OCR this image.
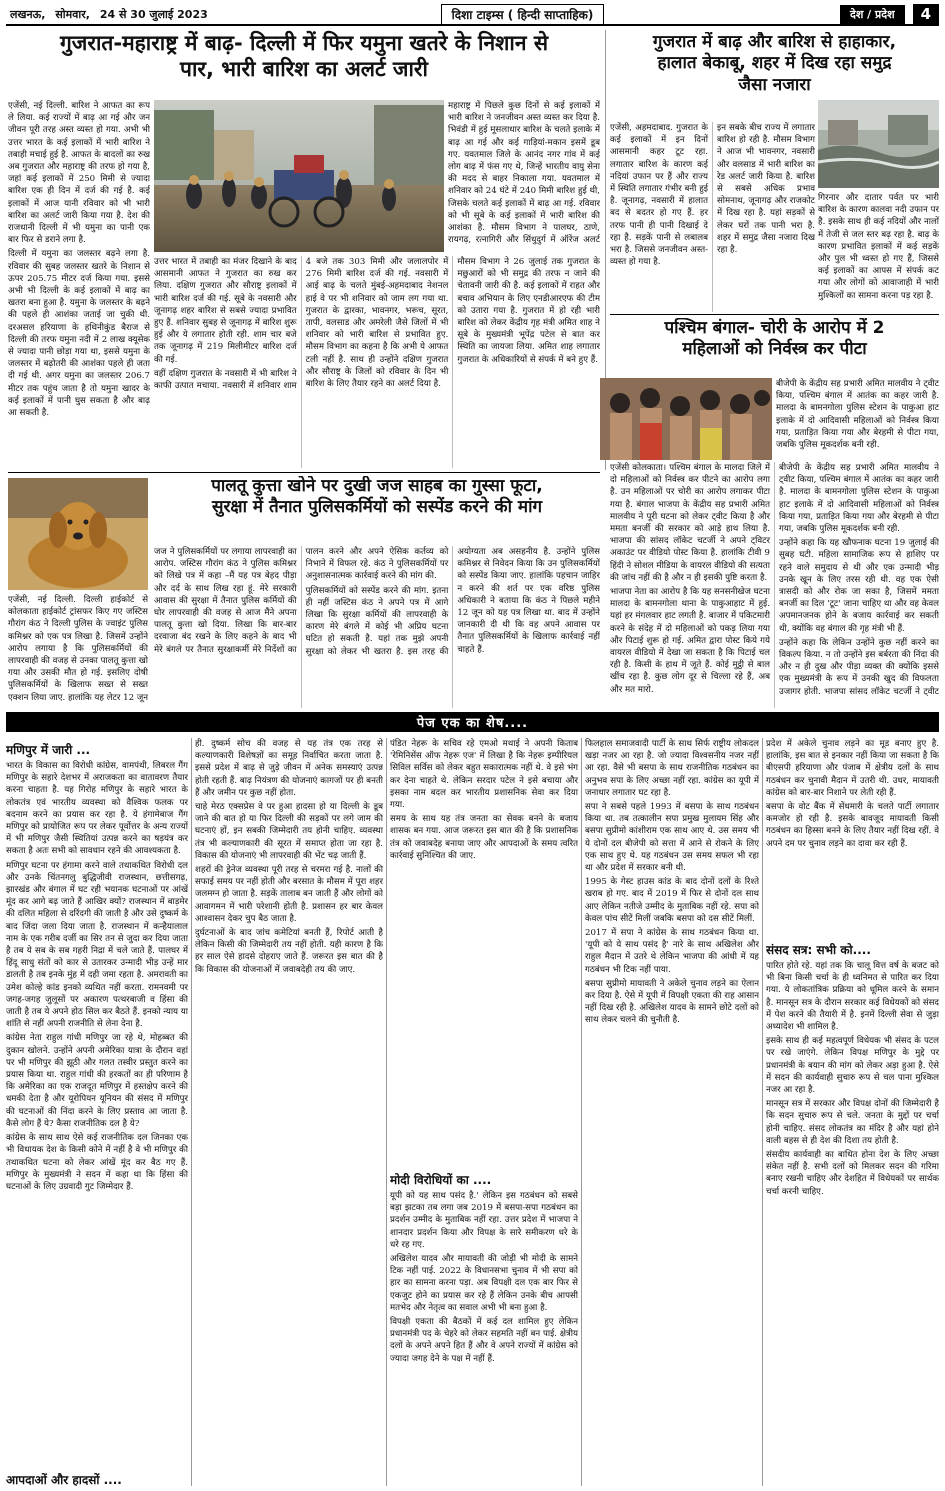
लखनऊ, सोमवार, 24 से 30 जुलाई 2023	दिशा टाइम्स ( हिन्दी साप्ताहिक)	देश / प्रदेश	4
गुजरात-महाराष्ट्र में बाढ़- दिल्ली में फिर यमुना खतरे के निशान से
पार, भारी बारिश का अलर्ट जारी

एजेंसी, नई दिल्ली. बारिश ने आफत का रूप ले लिया. कई राज्यों में बाढ़ आ गई और जन जीवन पूरी तरह अस्त व्यस्त हो गया. अभी भी उत्तर भारत के कई इलाकों में भारी बारिश ने तबाही मचाई हुई है. आफत के बादलों का रुख अब गुजरात और महाराष्ट्र की तरफ हो गया है, जहां कई इलाकों में 250 मिमी से ज्यादा बारिश एक ही दिन में दर्ज की गई है. कई इलाकों में आज यानी रविवार को भी भारी बारिश का अलर्ट जारी किया गया है. देश की राजधानी दिल्ली में भी यमुना का पानी एक बार फिर से डराने लगा है.

दिल्ली में यमुना का जलस्तर बढ़ने लगा है. रविवार की सुबह जलस्तर खतरे के निशान से ऊपर 205.75 मीटर दर्ज किया गया. इससे अभी भी दिल्ली के कई इलाकों में बाढ़ का खतरा बना हुआ है. यमुना के जलस्तर के बढ़ने की पहले ही आशंका जताई जा चुकी थी. दरअसल हरियाणा के हथिनीकुंड बैराज से दिल्ली की तरफ यमुना नदी में 2 लाख क्यूसेक से ज्यादा पानी छोड़ा गया था, इससे यमुना के जलस्तर में बढ़ोतरी की आशंका पहले ही जता दी गई थी. अगर यमुना का जलस्तर 206.7 मीटर तक पहुंच जाता है तो यमुना खादर के कई इलाकों में पानी घुस सकता है और बाढ़ आ सकती है.

उत्तर भारत में तबाही का मंजर दिखाने के बाद आसमानी आफत ने गुजरात का रुख कर लिया. दक्षिण गुजरात और सौराष्ट्र इलाकों में भारी बारिश दर्ज की गई. सूबे के नवसारी और जूनागढ़ शहर बारिश से सबसे ज्यादा प्रभावित हुए हैं. शनिवार सुबह से जूनागढ़ में बारिश शुरू हुई और ये लगातार होती रही. शाम चार बजे तक जूनागढ़ में 219 मिलीमीटर बारिश दर्ज की गई.

वहीं दक्षिण गुजरात के नवसारी में भी बारिश ने काफी उत्पात मचाया. नवसारी में शनिवार शाम 4 बजे तक 303 मिमी और जलालपोर में 276 मिमी बारिश दर्ज की गई. नवसारी में आई बाढ़ के चलते मुंबई-अहमदाबाद नेशनल हाई वे पर भी शनिवार को जाम लग गया था. गुजरात के द्वारका, भावनगर, भरूच, सूरत, तापी, वलसाड और अमरेली जैसे जिलों में भी शनिवार को भारी बारिश से प्रभावित हुए. मौसम विभाग का कहना है कि अभी ये आफत टली नहीं है. साथ ही उन्होंने दक्षिण गुजरात और सौराष्ट्र के जिलों को रविवार के दिन भी बारिश के लिए तैयार रहने का अलर्ट दिया है.

मौसम विभाग ने 26 जुलाई तक गुजरात के मछुआरों को भी समुद्र की तरफ न जाने की चेतावनी जारी की है. कई इलाकों में राहत और बचाव अभियान के लिए एनडीआरएफ की टीम को उतारा गया है. गुजरात में हो रही भारी बारिश को लेकर केंद्रीय गृह मंत्री अमित शाह ने सूबे के मुख्यमंत्री भूपेंद्र पटेल से बात कर स्थिति का जायजा लिया. अमित शाह लगातार गुजरात के अधिकारियों से संपर्क में बने हुए हैं.

महाराष्ट्र में पिछले कुछ दिनों से कई इलाकों में भारी बारिश ने जनजीवन अस्त व्यस्त कर दिया है. भिवंडी में हुई मूसलाधार बारिश के चलते इलाके में बाढ़ आ गई और कई गाड़ियां-मकान इसमें डूब गए. यवतमाल जिले के आनंद नगर गांव में कई लोग बाढ़ में फंस गए थे, जिन्हें भारतीय वायु सेना की मदद से बाहर निकाला गया. यवतमाल में शनिवार को 24 घंटे में 240 मिमी बारिश हुई थी, जिसके चलते कई इलाकों में बाढ़ आ गई. रविवार को भी सूबे के कई इलाकों में भारी बारिश की आशंका है. मौसम विभाग ने पालघर, ठाणे, रायगढ़, रत्नागिरी और सिंधुदुर्ग में ऑरेंज अलर्ट

गुजरात में बाढ़ और बारिश से हाहाकार,
हालात बेकाबू, शहर में दिख रहा समुद्र
जैसा नजारा

एजेंसी, अहमदाबाद. गुजरात के कई इलाकों में इन दिनों आसमानी कहर टूट रहा. लगातार बारिश के कारण कई नदियां उफान पर हैं और राज्य में स्थिति लगातार गंभीर बनी हुई है. जूनागढ़, नवसारी में हालात बद से बदतर हो गए हैं. हर तरफ पानी ही पानी दिखाई दे रहा है. सड़कें पानी से लबालब भरा है. जिससे जनजीवन अस्त-व्यस्त हो गया है.

इन सबके बीच राज्य में लगातार बारिश हो रही है. मौसम विभाग ने आज भी भावनगर, नवसारी और वलसाड में भारी बारिश का रेड अलर्ट जारी किया है. बारिश से सबसे अधिक प्रभाव सोमनाथ, जूनागढ़ और राजकोट में दिख रहा है. यहां सड़कों से लेकर घरों तक पानी भरा है. शहर में समुद्र जैसा नजारा दिख रहा है.

गिरनार और दातार पर्वत पर भारी बारिश के कारण कालवा नदी उफान पर है. इसके साथ ही कई नदियों और नालों में तेजी से जल स्तर बढ़ रहा है. बाढ़ के कारण प्रभावित इलाकों में कई सड़कें और पुल भी ध्वस्त हो गए हैं, जिससे कई इलाकों का आपस में संपर्क कट गया और लोगों को आवाजाही में भारी मुश्किलों का सामना करना पड़ रहा है.

पश्चिम बंगाल- चोरी के आरोप में 2
महिलाओं को निर्वस्त्र कर पीटा

एजेंसी कोलकाता। पश्चिम बंगाल के मालदा जिले में दो महिलाओं को निर्वस्त्र कर पीटने का आरोप लगा है. उन महिलाओं पर चोरी का आरोप लगाकर पीटा गया है. बंगाल भाजपा के केंद्रीय सह प्रभारी अमित मालवीय ने पूरी घटना को लेकर ट्वीट किया है और ममता बनर्जी की सरकार को आड़े हाथ लिया है. भाजपा की सांसद लॉकेट चटर्जी ने अपने ट्विटर अकाउंट पर वीडियो पोस्ट किया है. हालांकि टीवी 9 हिंदी ने सोशल मीडिया के वायरल वीडियो की सत्यता की जांच नहीं की है और न ही इसकी पुष्टि करता है.

भाजपा नेता का आरोप है कि यह सनसनीखेज घटना मालदा के बामनगोला थाना के पाकुआहाट में हुई. यहां हर मंगलवार हाट लगती है. बाजार में पकिटमारी करने के संदेह में दो महिलाओं को पकड़ लिया गया और पिटाई शुरू हो गई. अमित द्वारा पोस्ट किये गये वायरल वीडियो में देखा जा सकता है कि पिटाई चल रही है. किसी के हाथ में जूते हैं. कोई मुट्ठी से बाल खींच रहा है. कुछ लोग दूर से चिल्ला रहे हैं, अब और मत मारो.

बीजेपी के केंद्रीय सह प्रभारी अमित मालवीय ने ट्वीट किया, पश्चिम बंगाल में आतंक का कहर जारी है. मालदा के बामनगोला पुलिस स्टेशन के पाकुआ हाट इलाके में दो आदिवासी महिलाओं को निर्वस्त्र किया गया, प्रताड़ित किया गया और बेरहमी से पीटा गया, जबकि पुलिस मूकदर्शक बनी रही.

उन्होंने कहा कि यह खौफनाक घटना 19 जुलाई की सुबह घटी. महिला सामाजिक रूप से हाशिए पर रहने वाले समुदाय से थी और एक उन्मादी भीड़ उनके खून के लिए तरस रही थी. वह एक ऐसी त्रासदी को और रोक जा सका है, जिसमें ममता बनर्जी का दिल 'टूट' जाना चाहिए था और वह केवल अपमानजनक होने के बजाय कार्रवाई कर सकती थी, क्योंकि वह बंगाल की गृह मंत्री भी हैं.

उन्होंने कहा कि लेकिन उन्होंने कुछ नहीं करने का विकल्प किया. न तो उन्होंने इस बर्बरता की निंदा की और न ही दुख और पीड़ा व्यक्त की क्योंकि इससे एक मुख्यमंत्री के रूप में उनकी खुद की विफलता उजागर होती. भाजपा सांसद लॉकेट चटर्जी ने ट्वीट

बीजेपी के केंद्रीय सह प्रभारी अमित मालवीय ने ट्वीट किया, पश्चिम बंगाल में आतंक का कहर जारी है. मालदा के बामनगोला पुलिस स्टेशन के पाकुआ हाट इलाके में दो आदिवासी महिलाओं को निर्वस्त्र किया गया, प्रताड़ित किया गया और बेरहमी से पीटा गया, जबकि पुलिस मूकदर्शक बनी रही.

पालतू कुत्ता खोने पर दुखी जज साहब का गुस्सा फूटा,
सुरक्षा में तैनात पुलिसकर्मियों को सस्पेंड करने की मांग

एजेंसी, नई दिल्ली. दिल्ली हाईकोर्ट से कोलकाता हाईकोर्ट ट्रांसफर किए गए जस्टिस गौरांग कंठ ने दिल्ली पुलिस के ज्वाइंट पुलिस कमिश्नर को एक पत्र लिखा है. जिसमें उन्होंने आरोप लगाया है कि पुलिसकर्मियों की लापरवाही की वजह से उनका पालतू कुत्ता खो गया और उसकी मौत हो गई. इसलिए दोषी पुलिसकर्मियों के खिलाफ सख्त से सख्त एक्शन लिया जाए. हालांकि यह लेटर 12 जून

जज ने पुलिसकर्मियों पर लगाया लापरवाही का आरोप. जस्टिस गौरांग कंठ ने पुलिस कमिश्नर को लिखे पत्र में कहा –मैं यह पत्र बेहद पीड़ा और दर्द के साथ लिख रहा हूं. मेरे सरकारी आवास की सुरक्षा में तैनात पुलिस कर्मियों की घोर लापरवाही की वजह से आज मैंने अपना पालतू कुत्ता खो दिया. लिखा कि बार-बार दरवाजा बंद रखने के लिए कहने के बाद भी मेरे बंगले पर तैनात सुरक्षाकर्मी मेरे निर्देशों का पालन करने और अपने ऐसिक कर्तव्य को निभाने में विफल रहे. कंठ ने पुलिसकर्मियों पर अनुशासनात्मक कार्रवाई करने की मांग की.

पुलिसकर्मियों को सस्पेंड करने की मांग. इतना ही नहीं जस्टिस कंठ ने अपने पत्र में आगे लिखा कि सुरक्षा कर्मियों की लापरवाही के कारण मेरे बंगले में कोई भी अप्रिय घटना घटित हो सकती है. यहां तक मुझे अपनी सुरक्षा को लेकर भी खतरा है. इस तरह की अयोग्यता अब असहनीय है. उन्होंने पुलिस कमिश्नर से निवेदन किया कि उन पुलिसकर्मियों को सस्पेंड किया जाए. हालांकि पहचान जाहिर न करने की शर्त पर एक वरिष्ठ पुलिस अधिकारी ने बताया कि कंठ ने पिछले महीने 12 जून को यह पत्र लिखा था. बाद में उन्होंने जानकारी दी थी कि वह अपने आवास पर तैनात पुलिसकर्मियों के खिलाफ कार्रवाई नहीं चाहते हैं.

पेज एक का शेष....
मणिपुर में जारी ...

भारत के विकास का विरोधी कांग्रेस, वामपंथी, लिबरल गैंग मणिपुर के सहारे देशभर में अराजकता का वातावरण तैयार करना चाहता है. यह गिरोह मणिपुर के सहारे भारत के लोकतंत्र एवं भारतीय व्यवस्था को वैश्विक फलक पर बदनाम करने का प्रयास कर रहा है. ये हंगामेबाज गैंग मणिपुर को प्रायोजित रूप पर लेकर पूर्वोत्तर के अन्य राज्यों में भी मणिपुर जैसी स्थितियां उत्पन्न करने का षड़यंत्र कर सकता है अतः सभी को सावधान रहने की आवश्यकता है.

मणिपुर घटना पर हंगामा करने वाले तथाकथित विरोधी दल और उनके चिंतनगलु बुद्धिजीवी राजस्थान, छत्तीसगढ़, झारखंड और बंगाल में घट रही भयानक घटनाओं पर आंखें मूंद कर आगे बढ़ जाते हैं आखिर क्यों? राजस्थान में बाड़मेर की दलित महिला से दरिंदगी की जाती है और उसे दुष्कर्म के बाद जिंदा जला दिया जाता है. राजस्थान में कन्हैयालाल नाम के एक गरीब दर्जी का सिर तन से जुदा कर दिया जाता है तब ये सब के सब गहरी निद्रा में चले जाते हैं. पालघर में हिंदू साधु संतों को कार से उतारकर उन्मादी भीड़ उन्हें मार डालती है तब इनके मुंह में दही जमा रहता है. अमरावती का उमेश कोल्हे कांड इनको व्यथित नहीं करता. रामनवमी पर जगह-जगह जुलूसों पर अकारण पत्थरबाजी व हिंसा की जाती है तब ये अपने होठ सिल कर बैठते हैं. इनको न्याय या शांति से नहीं अपनी राजनीति से लेना देना है.

कांग्रेस नेता राहुल गांधी मणिपुर जा रहे थे, मोहब्बत की दुकान खोलने. उन्होंने अपनी अमेरिका यात्रा के दौरान वहां पर भी मणिपुर की झूठी और गलत तस्वीर प्रस्तुत करने का प्रयास किया था. राहुल गांधी की हरकतों का ही परिणाम है कि अमेरिका का एक राजदूत मणिपुर में हस्तक्षेप करने की धमकी देता है और यूरोपियन यूनियन की संसद में मणिपुर की घटनाओं की निंदा करने के लिए प्रस्ताव आ जाता है. कैसे लोग हैं ये? कैसा राजनीतिक दल है ये?

कांग्रेस के साथ साथ ऐसे कई राजनीतिक दल जिनका एक भी विधायक देश के किसी कोने में नहीं है वे भी मणिपुर की तथाकथित घटना को लेकर आंखें मूंद कर बैठ गए हैं. मणिपुर के मुख्यमंत्री ने सदन में कहा था कि हिंसा की घटनाओं के लिए उग्रवादी गुट जिम्मेदार हैं.

आपदाओं और हादसों ....

ही. दुष्कर्म सोच की वजह से यह तंत्र एक तरह से कल्याणकारी विशेषज्ञों का समूह निर्वाचित करता जाता है. इससे प्रदेश में बाढ़ से जुड़े जीवन में अनेक समस्याएं उत्पन्न होती रहती हैं. बाढ़ नियंत्रण की योजनाएं कागजों पर ही बनती हैं और जमीन पर कुछ नहीं होता.

चाहे मेरठ एक्सप्रेस वे पर हुआ हादसा हो या दिल्ली के डूब जाने की बात हो या फिर दिल्ली की सड़कों पर लगे जाम की घटनाएं हों, इन सबकी जिम्मेदारी तय होनी चाहिए. व्यवस्था तंत्र भी कल्याणकारी की सूरत में समाप्त होता जा रहा है. विकास की योजनाएं भी लापरवाही की भेंट चढ़ जाती हैं.

शहरों की ड्रेनेज व्यवस्था पूरी तरह से चरमरा गई है. नालों की सफाई समय पर नहीं होती और बरसात के मौसम में पूरा शहर जलमग्न हो जाता है. सड़कें तालाब बन जाती हैं और लोगों को आवागमन में भारी परेशानी होती है. प्रशासन हर बार केवल आश्वासन देकर चुप बैठ जाता है.

दुर्घटनाओं के बाद जांच कमेटियां बनती हैं, रिपोर्ट आती है लेकिन किसी की जिम्मेदारी तय नहीं होती. यही कारण है कि हर साल ऐसे हादसे दोहराए जाते हैं. जरूरत इस बात की है कि विकास की योजनाओं में जवाबदेही तय की जाए.

पंडित नेहरू के सचिव रहे एमओ मथाई ने अपनी किताब 'रेमिनिसेंस ऑफ नेहरू एज' में लिखा है कि नेहरू इम्पीरियल सिविल सर्विस को लेकर बहुत सकारात्मक नहीं थे. वे इसे भंग कर देना चाहते थे. लेकिन सरदार पटेल ने इसे बचाया और इसका नाम बदल कर भारतीय प्रशासनिक सेवा कर दिया गया.

समय के साथ यह तंत्र जनता का सेवक बनने के बजाय शासक बन गया. आज जरूरत इस बात की है कि प्रशासनिक तंत्र को जवाबदेह बनाया जाए और आपदाओं के समय त्वरित कार्रवाई सुनिश्चित की जाए.

मोदी विरोधियों का ....

यूपी को यह साथ पसंद है.' लेकिन इस गठबंधन को सबसे बड़ा झटका तब लगा जब 2019 में बसपा-सपा गठबंधन का प्रदर्शन उम्मीद के मुताबिक नहीं रहा. उत्तर प्रदेश में भाजपा ने शानदार प्रदर्शन किया और विपक्ष के सारे समीकरण धरे के धरे रह गए.

अखिलेश यादव और मायावती की जोड़ी भी मोदी के सामने टिक नहीं पाई. 2022 के विधानसभा चुनाव में भी सपा को हार का सामना करना पड़ा. अब विपक्षी दल एक बार फिर से एकजुट होने का प्रयास कर रहे हैं लेकिन उनके बीच आपसी मतभेद और नेतृत्व का सवाल अभी भी बना हुआ है.

विपक्षी एकता की बैठकों में कई दल शामिल हुए लेकिन प्रधानमंत्री पद के चेहरे को लेकर सहमति नहीं बन पाई. क्षेत्रीय दलों के अपने अपने हित हैं और वे अपने राज्यों में कांग्रेस को ज्यादा जगह देने के पक्ष में नहीं हैं.

फिलहाल समाजवादी पार्टी के साथ सिर्फ राष्ट्रीय लोकदल खड़ा नजर आ रहा है. जो ज्यादा विश्वसनीय नजर नहीं आ रहा. वैसे भी बसपा के साथ राजनीतिक गठबंधन का अनुभव सपा के लिए अच्छा नहीं रहा. कांग्रेस का यूपी में जनाधार लगातार घट रहा है.

सपा ने सबसे पहले 1993 में बसपा के साथ गठबंधन किया था. तब तत्कालीन सपा प्रमुख मुलायम सिंह और बसपा सुप्रीमो कांशीराम एक साथ आए थे. उस समय भी ये दोनों दल बीजेपी को सत्ता में आने से रोकने के लिए एक साथ हुए थे. यह गठबंधन उस समय सफल भी रहा था और प्रदेश में सरकार बनी थी.

1995 के गेस्ट हाउस कांड के बाद दोनों दलों के रिश्ते खराब हो गए. बाद में 2019 में फिर से दोनों दल साथ आए लेकिन नतीजे उम्मीद के मुताबिक नहीं रहे. सपा को केवल पांच सीटें मिलीं जबकि बसपा को दस सीटें मिलीं.

2017 में सपा ने कांग्रेस के साथ गठबंधन किया था. 'यूपी को ये साथ पसंद है' नारे के साथ अखिलेश और राहुल मैदान में उतरे थे लेकिन भाजपा की आंधी में यह गठबंधन भी टिक नहीं पाया.

बसपा सुप्रीमो मायावती ने अकेले चुनाव लड़ने का ऐलान कर दिया है. ऐसे में यूपी में विपक्षी एकता की राह आसान नहीं दिख रही है. अखिलेश यादव के सामने छोटे दलों को साथ लेकर चलने की चुनौती है.

प्रदेश में अकेले चुनाव लड़ने का मूड बनाए हुए है. हालांकि, इस बात से इनकार नहीं किया जा सकता है कि बीएसपी हरियाणा और पंजाब में क्षेत्रीय दलों के साथ गठबंधन कर चुनावी मैदान में उतरी थी. उधर, मायावती कांग्रेस को बार-बार निशाने पर लेती रही हैं.

बसपा के वोट बैंक में सेंधमारी के चलते पार्टी लगातार कमजोर हो रही है. इसके बावजूद मायावती किसी गठबंधन का हिस्सा बनने के लिए तैयार नहीं दिख रहीं. वे अपने दम पर चुनाव लड़ने का दावा कर रही हैं.

संसद सत्र: सभी को....

पारित होते रहे. यहां तक कि चालू वित्त वर्ष के बजट को भी बिना किसी चर्चा के ही ध्वनिमत से पारित कर दिया गया. ये लोकतांत्रिक प्रक्रिया को धूमिल करने के समान है. मानसून सत्र के दौरान सरकार कई विधेयकों को संसद में पेश करने की तैयारी में है. इनमें दिल्ली सेवा से जुड़ा अध्यादेश भी शामिल है.

इसके साथ ही कई महत्वपूर्ण विधेयक भी संसद के पटल पर रखे जाएंगे. लेकिन विपक्ष मणिपुर के मुद्दे पर प्रधानमंत्री के बयान की मांग को लेकर अड़ा हुआ है. ऐसे में सदन की कार्यवाही सुचारु रूप से चल पाना मुश्किल नजर आ रहा है.

मानसून सत्र में सरकार और विपक्ष दोनों की जिम्मेदारी है कि सदन सुचारु रूप से चले. जनता के मुद्दों पर चर्चा होनी चाहिए. संसद लोकतंत्र का मंदिर है और यहां होने वाली बहस से ही देश की दिशा तय होती है.

संसदीय कार्यवाही का बाधित होना देश के लिए अच्छा संकेत नहीं है. सभी दलों को मिलकर सदन की गरिमा बनाए रखनी चाहिए और देशहित में विधेयकों पर सार्थक चर्चा करनी चाहिए.
